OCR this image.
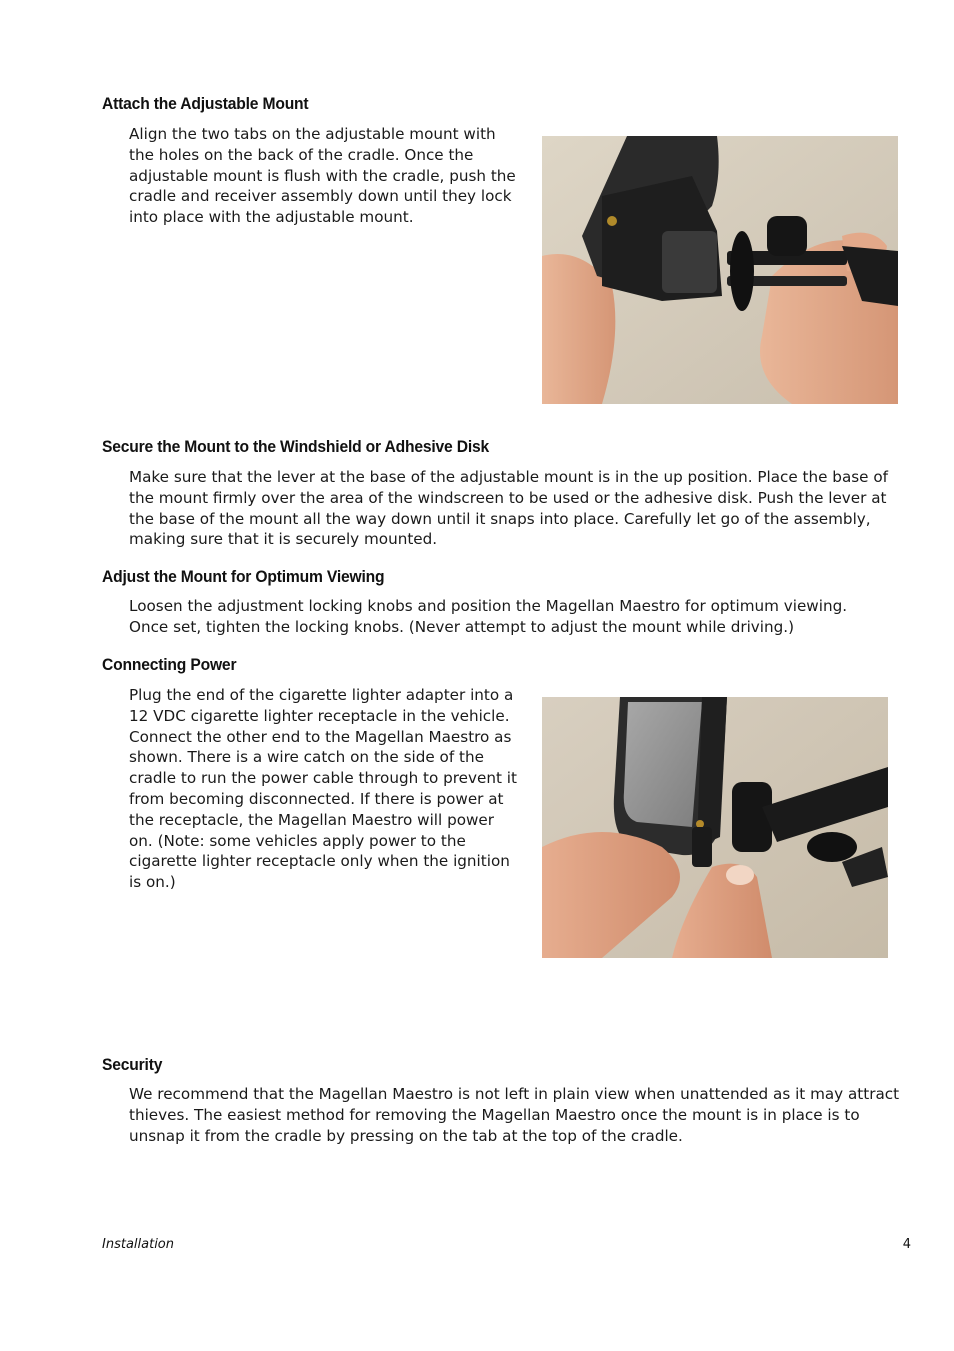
Attach the Adjustable Mount

Align the two tabs on the adjustable mount with the holes on the back of the cradle. Once the adjustable mount is flush with the cradle, push the cradle and receiver assembly down until they lock into place with the adjustable mount.

Secure the Mount to the Windshield or Adhesive Disk

Make sure that the lever at the base of the adjustable mount is in the up position. Place the base of the mount firmly over the area of the windscreen to be used or the adhesive disk. Push the lever at the base of the mount all the way down until it snaps into place. Carefully let go of the assembly, making sure that it is securely mounted.

Adjust the Mount for Optimum Viewing

Loosen the adjustment locking knobs and position the Magellan Maestro for optimum viewing. Once set, tighten the locking knobs. (Never attempt to adjust the mount while driving.)

Connecting Power

Plug the end of the cigarette lighter adapter into a 12 VDC cigarette lighter receptacle in the vehicle. Connect the other end to the Magellan Maestro as shown. There is a wire catch on the side of the cradle to run the power cable through to prevent it from becoming disconnected. If there is power at the receptacle, the Magellan Maestro will power on. (Note: some vehicles apply power to the cigarette lighter receptacle only when the ignition is on.)

Security

We recommend that the Magellan Maestro is not left in plain view when unattended as it may attract thieves. The easiest method for removing the Magellan Maestro once the mount is in place is to unsnap it from the cradle by pressing on the tab at the top of the cradle.

Installation	4
